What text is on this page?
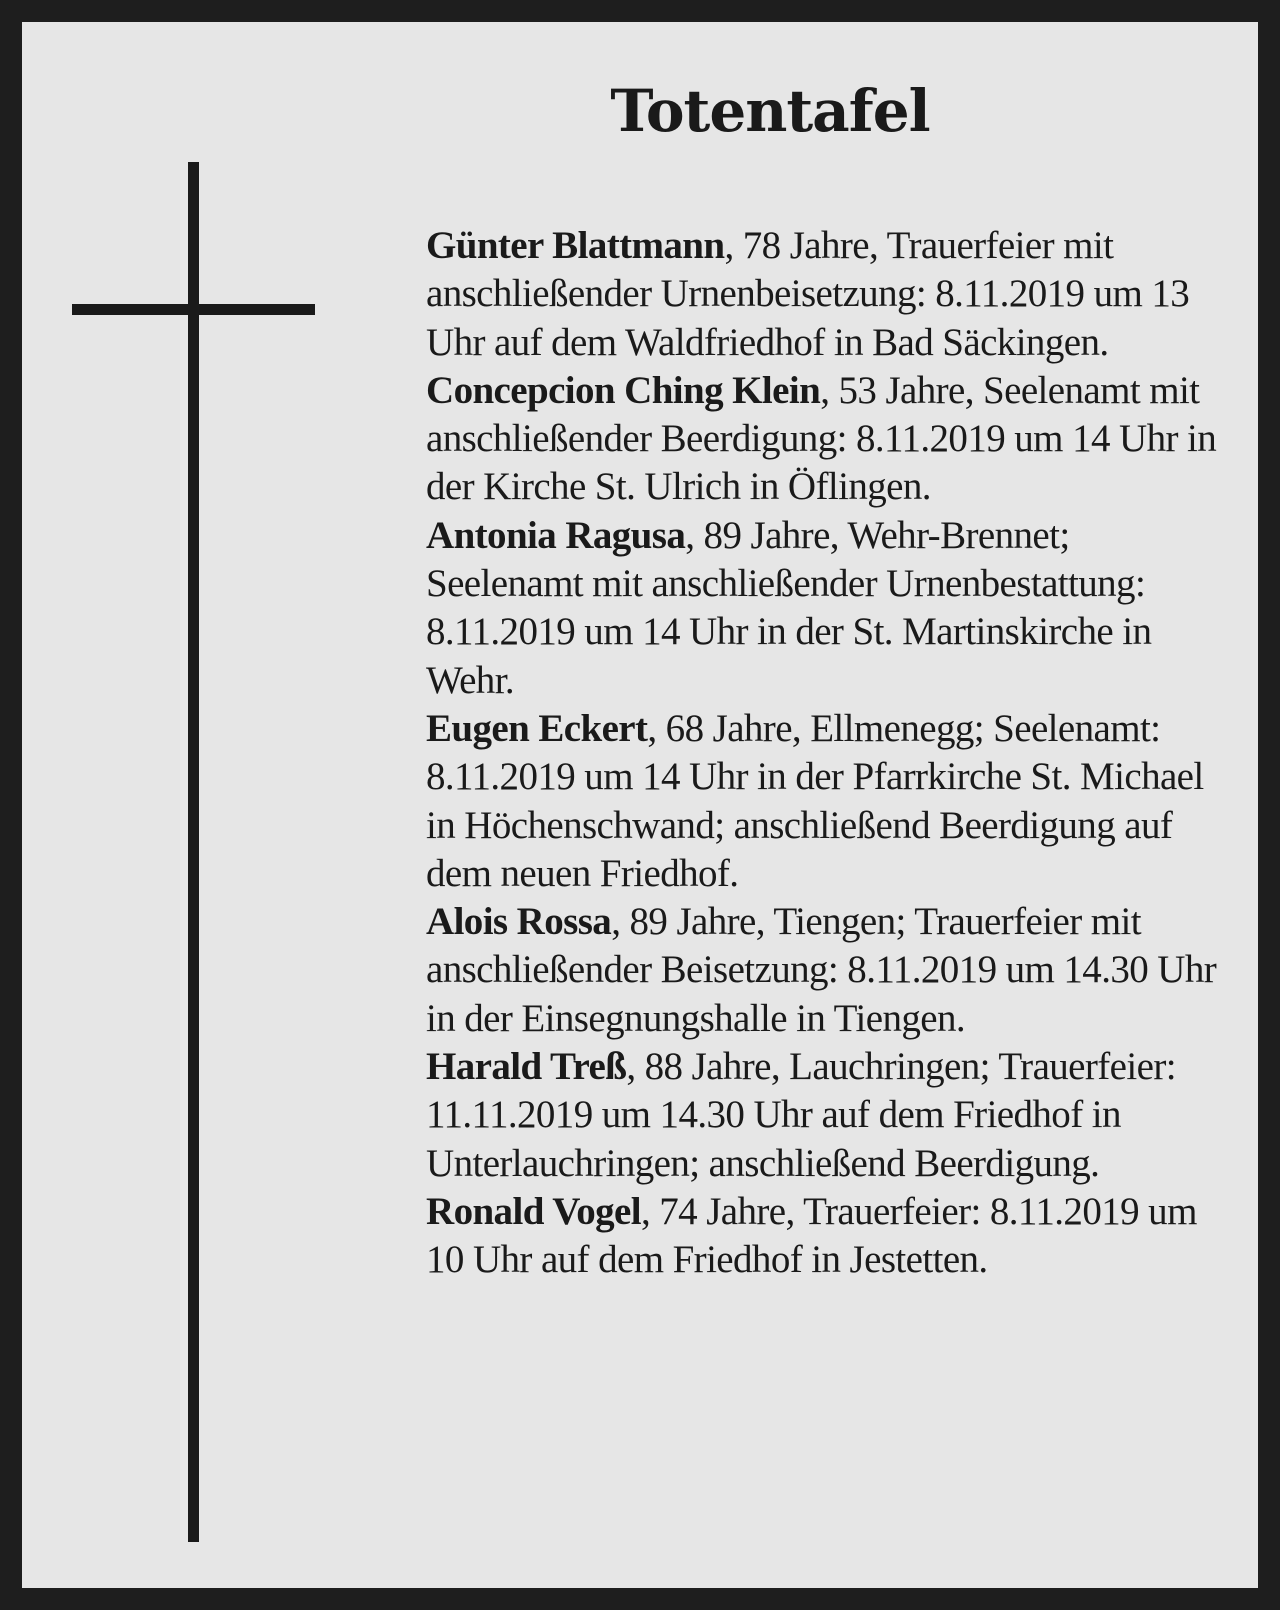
Totentafel

Günter Blattmann, 78 Jahre, Trauerfeier mit anschließender Urnenbeisetzung: 8.11.2019 um 13 Uhr auf dem Waldfriedhof in Bad Säckingen.

Concepcion Ching Klein, 53 Jahre, Seelenamt mit anschließender Beerdigung: 8.11.2019 um 14 Uhr in der Kirche St. Ulrich in Öflingen.

Antonia Ragusa, 89 Jahre, Wehr-Brennet; Seelenamt mit anschließender Urnenbestattung: 8.11.2019 um 14 Uhr in der St. Martinskirche in Wehr.

Eugen Eckert, 68 Jahre, Ellmenegg; Seelenamt: 8.11.2019 um 14 Uhr in der Pfarrkirche St. Michael in Höchenschwand; anschließend Beerdigung auf dem neuen Friedhof.

Alois Rossa, 89 Jahre, Tiengen; Trauerfeier mit anschließender Beisetzung: 8.11.2019 um 14.30 Uhr in der Einsegnungshalle in Tiengen.

Harald Treß, 88 Jahre, Lauchringen; Trauerfeier: 11.11.2019 um 14.30 Uhr auf dem Friedhof in Unterlauchringen; anschließend Beerdigung.

Ronald Vogel, 74 Jahre, Trauerfeier: 8.11.2019 um 10 Uhr auf dem Friedhof in Jestetten.
